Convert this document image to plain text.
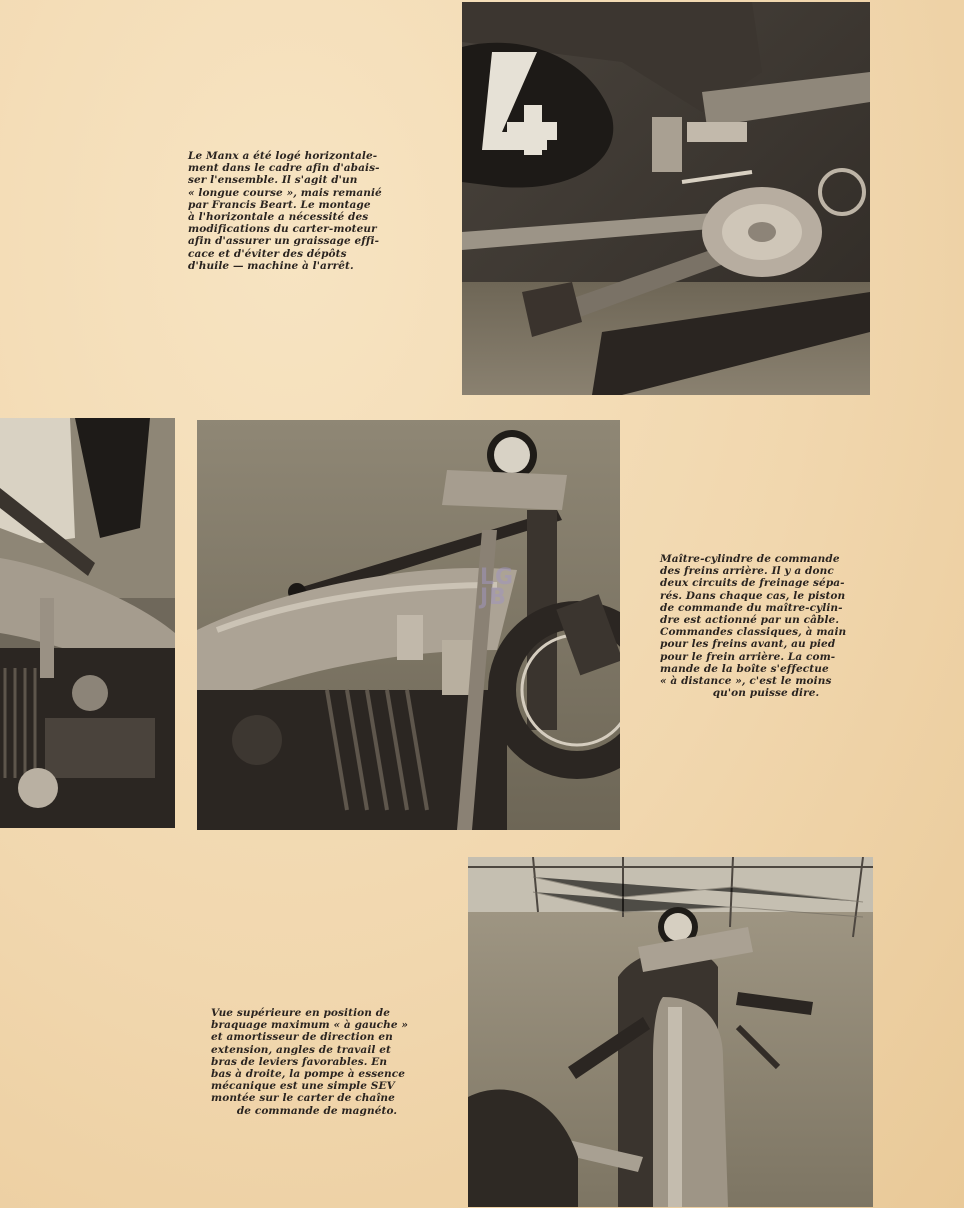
Le Manx a été logé horizontale-
ment dans le cadre afin d'abais-
ser l'ensemble. Il s'agit d'un
« longue course », mais remanié
par Francis Beart. Le montage
à l'horizontale a nécessité des
modifications du carter-moteur
afin d'assurer un graissage effi-
cace et d'éviter des dépôts
d'huile — machine à l'arrêt.
LG
JB
Maître-cylindre de commande
des freins arrière. Il y a donc
deux circuits de freinage sépa-
rés. Dans chaque cas, le piston
de commande du maître-cylin-
dre est actionné par un câble.
Commandes classiques, à main
pour les freins avant, au pied
pour le frein arrière. La com-
mande de la boîte s'effectue
« à distance », c'est le moins
qu'on puisse dire.
Vue supérieure en position de
braquage maximum « à gauche »
et amortisseur de direction en
extension, angles de travail et
bras de leviers favorables. En
bas à droite, la pompe à essence
mécanique est une simple SEV
montée sur le carter de chaîne
de commande de magnéto.
